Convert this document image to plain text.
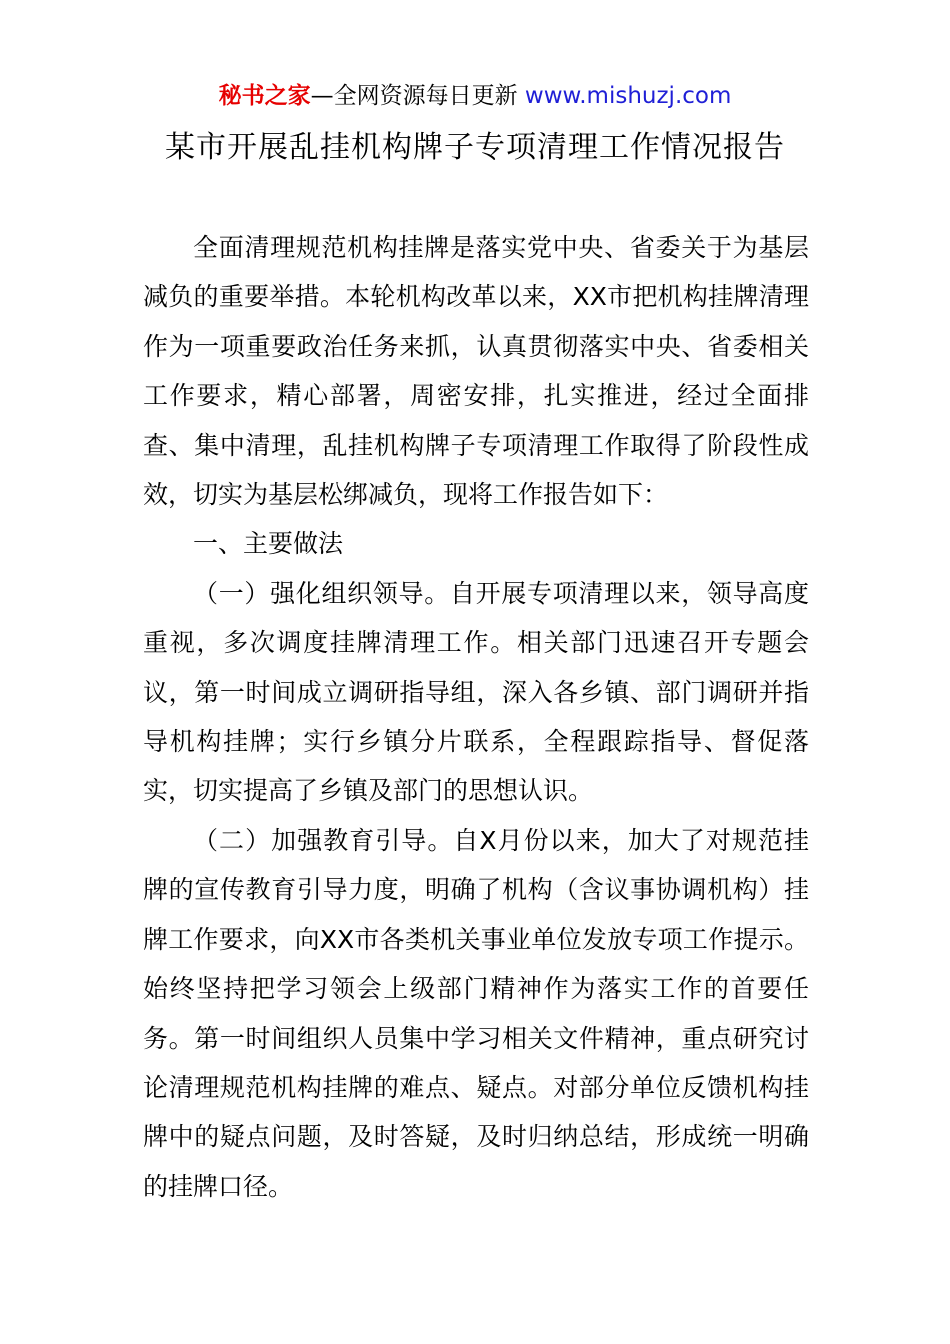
秘书之家—全网资源每日更新 www.mishuzj.com
某市开展乱挂机构牌子专项清理工作情况报告

全面清理规范机构挂牌是落实党中央、省委关于为基层减负的重要举措。本轮机构改革以来，XX市把机构挂牌清理作为一项重要政治任务来抓，认真贯彻落实中央、省委相关工作要求，精心部署，周密安排，扎实推进，经过全面排查、集中清理，乱挂机构牌子专项清理工作取得了阶段性成效，切实为基层松绑减负，现将工作报告如下：

一、主要做法

（一）强化组织领导。自开展专项清理以来，领导高度重视，多次调度挂牌清理工作。相关部门迅速召开专题会议，第一时间成立调研指导组，深入各乡镇、部门调研并指导机构挂牌；实行乡镇分片联系，全程跟踪指导、督促落实，切实提高了乡镇及部门的思想认识。

（二）加强教育引导。自X月份以来，加大了对规范挂牌的宣传教育引导力度，明确了机构（含议事协调机构）挂牌工作要求，向XX市各类机关事业单位发放专项工作提示。始终坚持把学习领会上级部门精神作为落实工作的首要任务。第一时间组织人员集中学习相关文件精神，重点研究讨论清理规范机构挂牌的难点、疑点。对部分单位反馈机构挂牌中的疑点问题，及时答疑，及时归纳总结，形成统一明确的挂牌口径。
